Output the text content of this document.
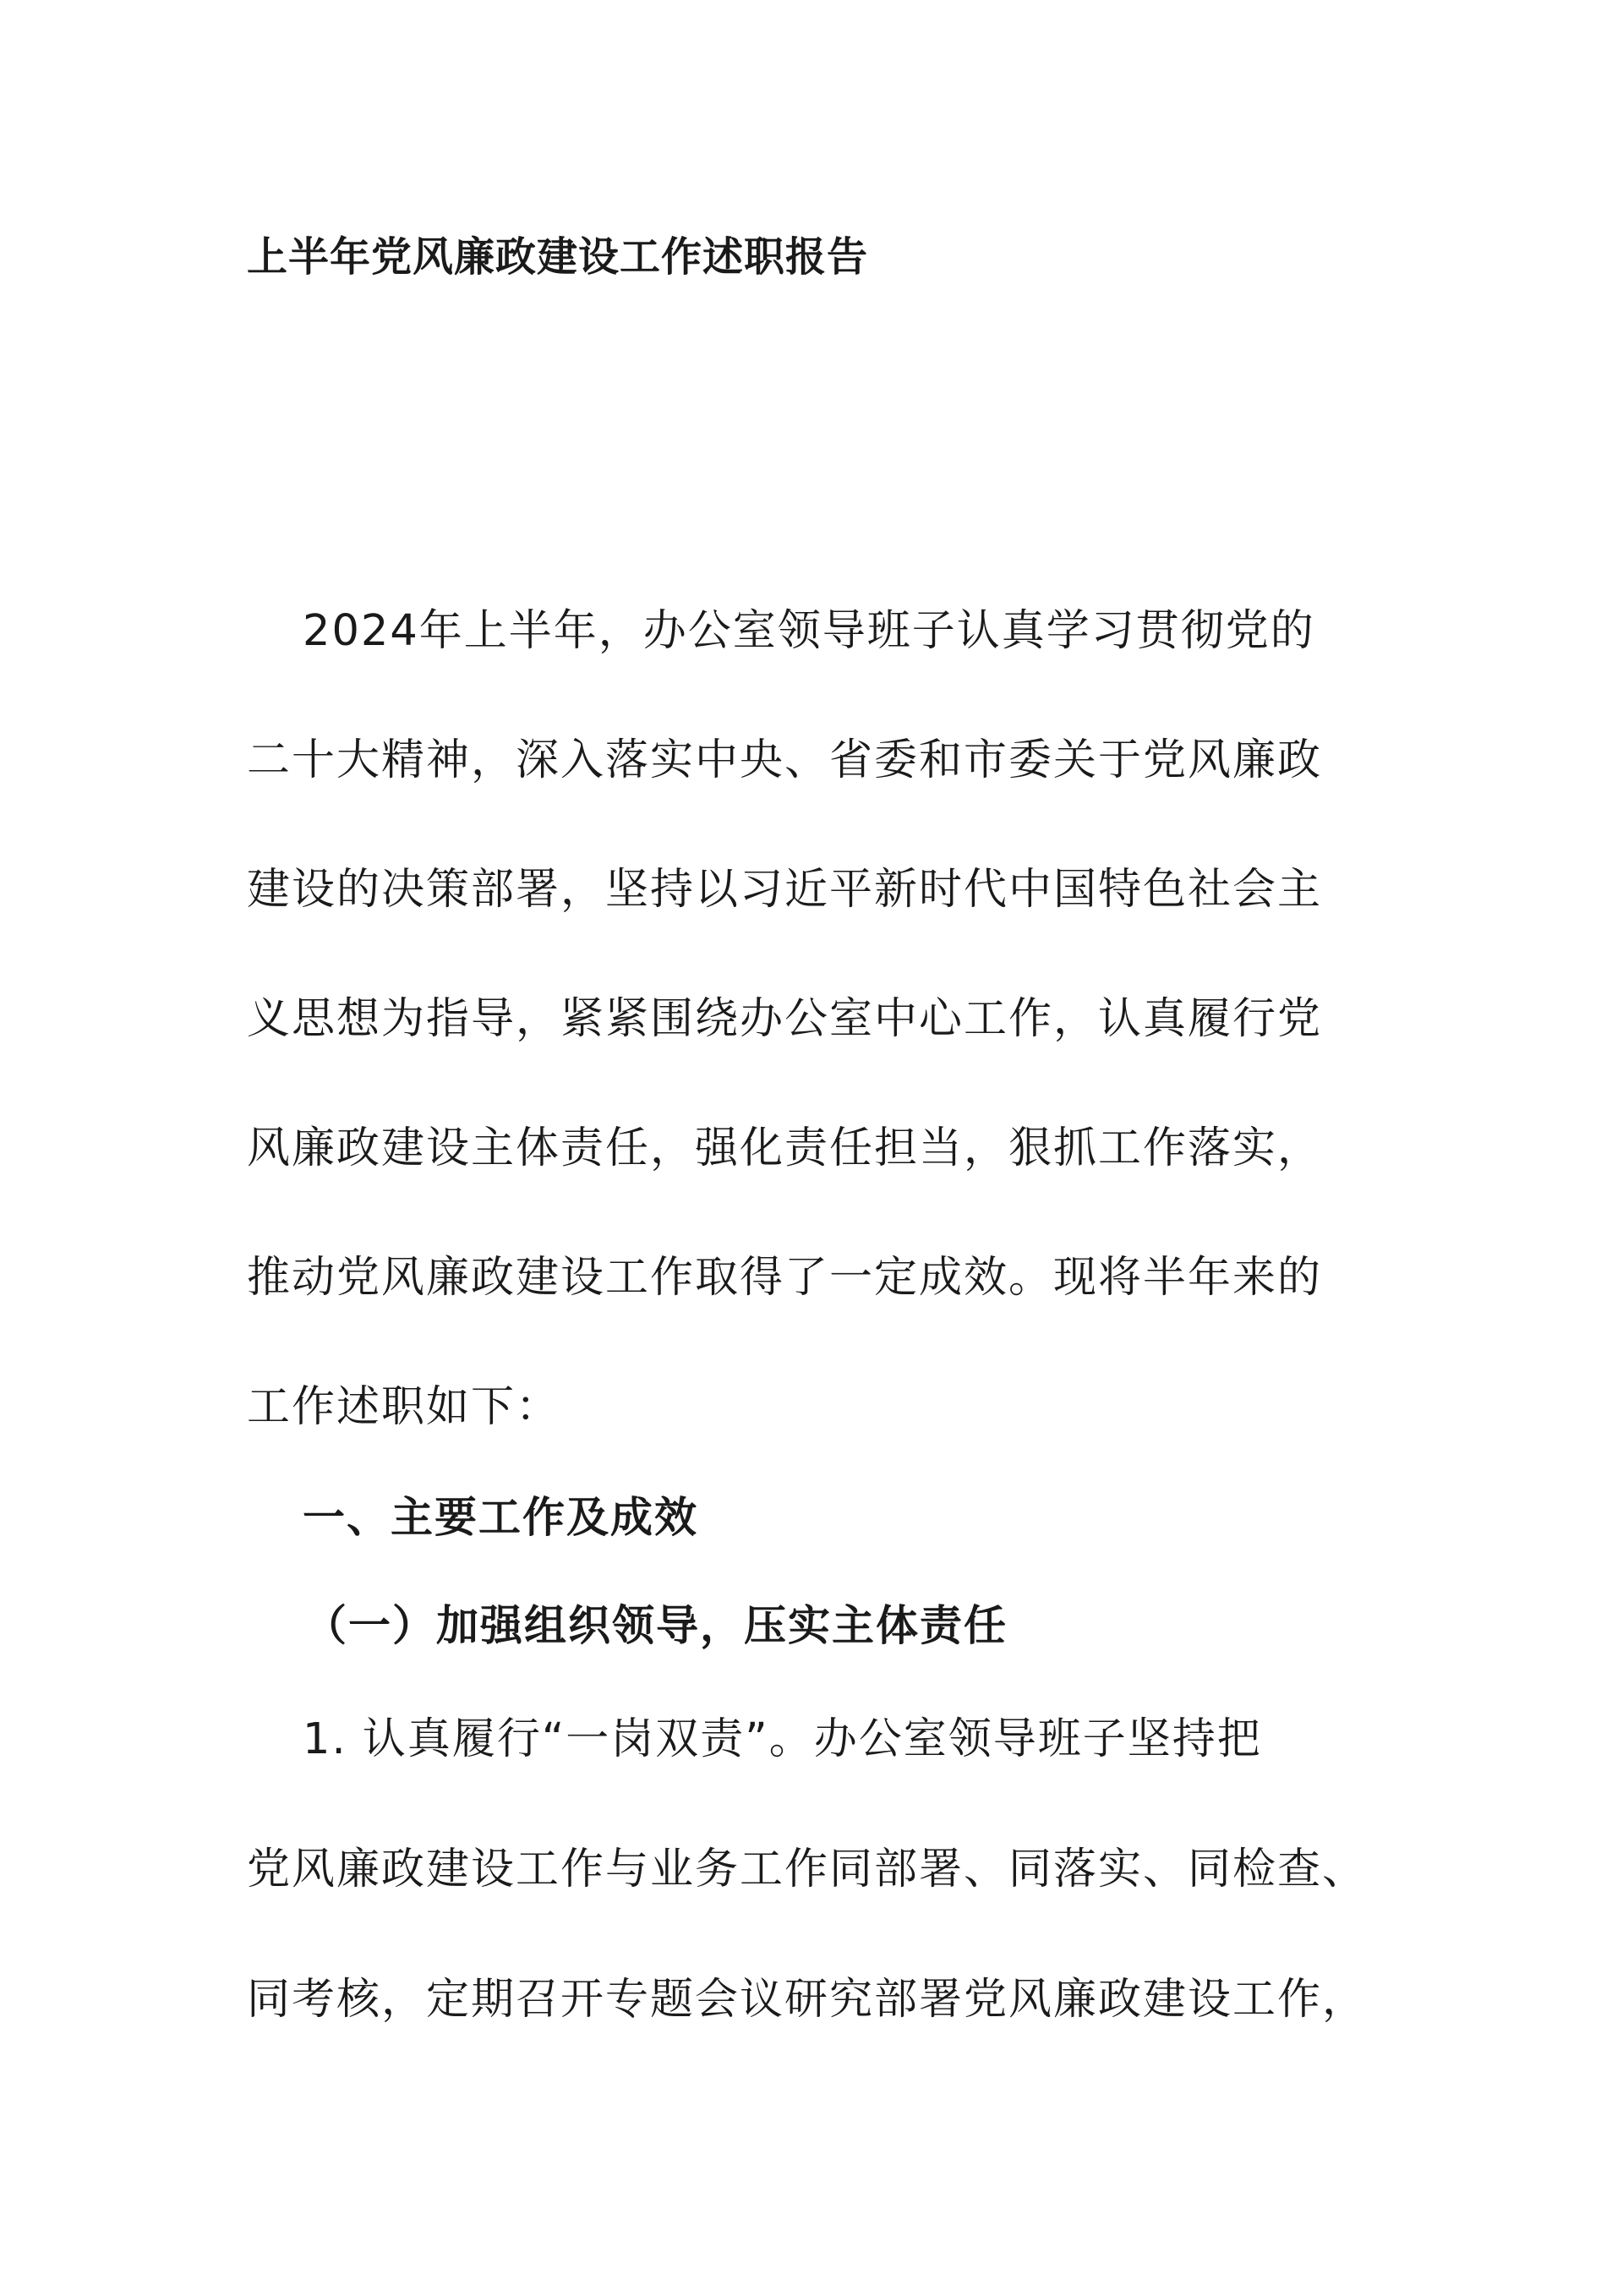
上半年党风廉政建设工作述职报告
2024年上半年，办公室领导班子认真学习贯彻党的
二十大精神，深入落实中央、省委和市委关于党风廉政
建设的决策部署，坚持以习近平新时代中国特色社会主
义思想为指导，紧紧围绕办公室中心工作，认真履行党
风廉政建设主体责任，强化责任担当，狠抓工作落实，
推动党风廉政建设工作取得了一定成效。现将半年来的
工作述职如下：
一、主要工作及成效
（一）加强组织领导，压实主体责任
1. 认真履行“一岗双责”。办公室领导班子坚持把
党风廉政建设工作与业务工作同部署、同落实、同检查、
同考核，定期召开专题会议研究部署党风廉政建设工作，
